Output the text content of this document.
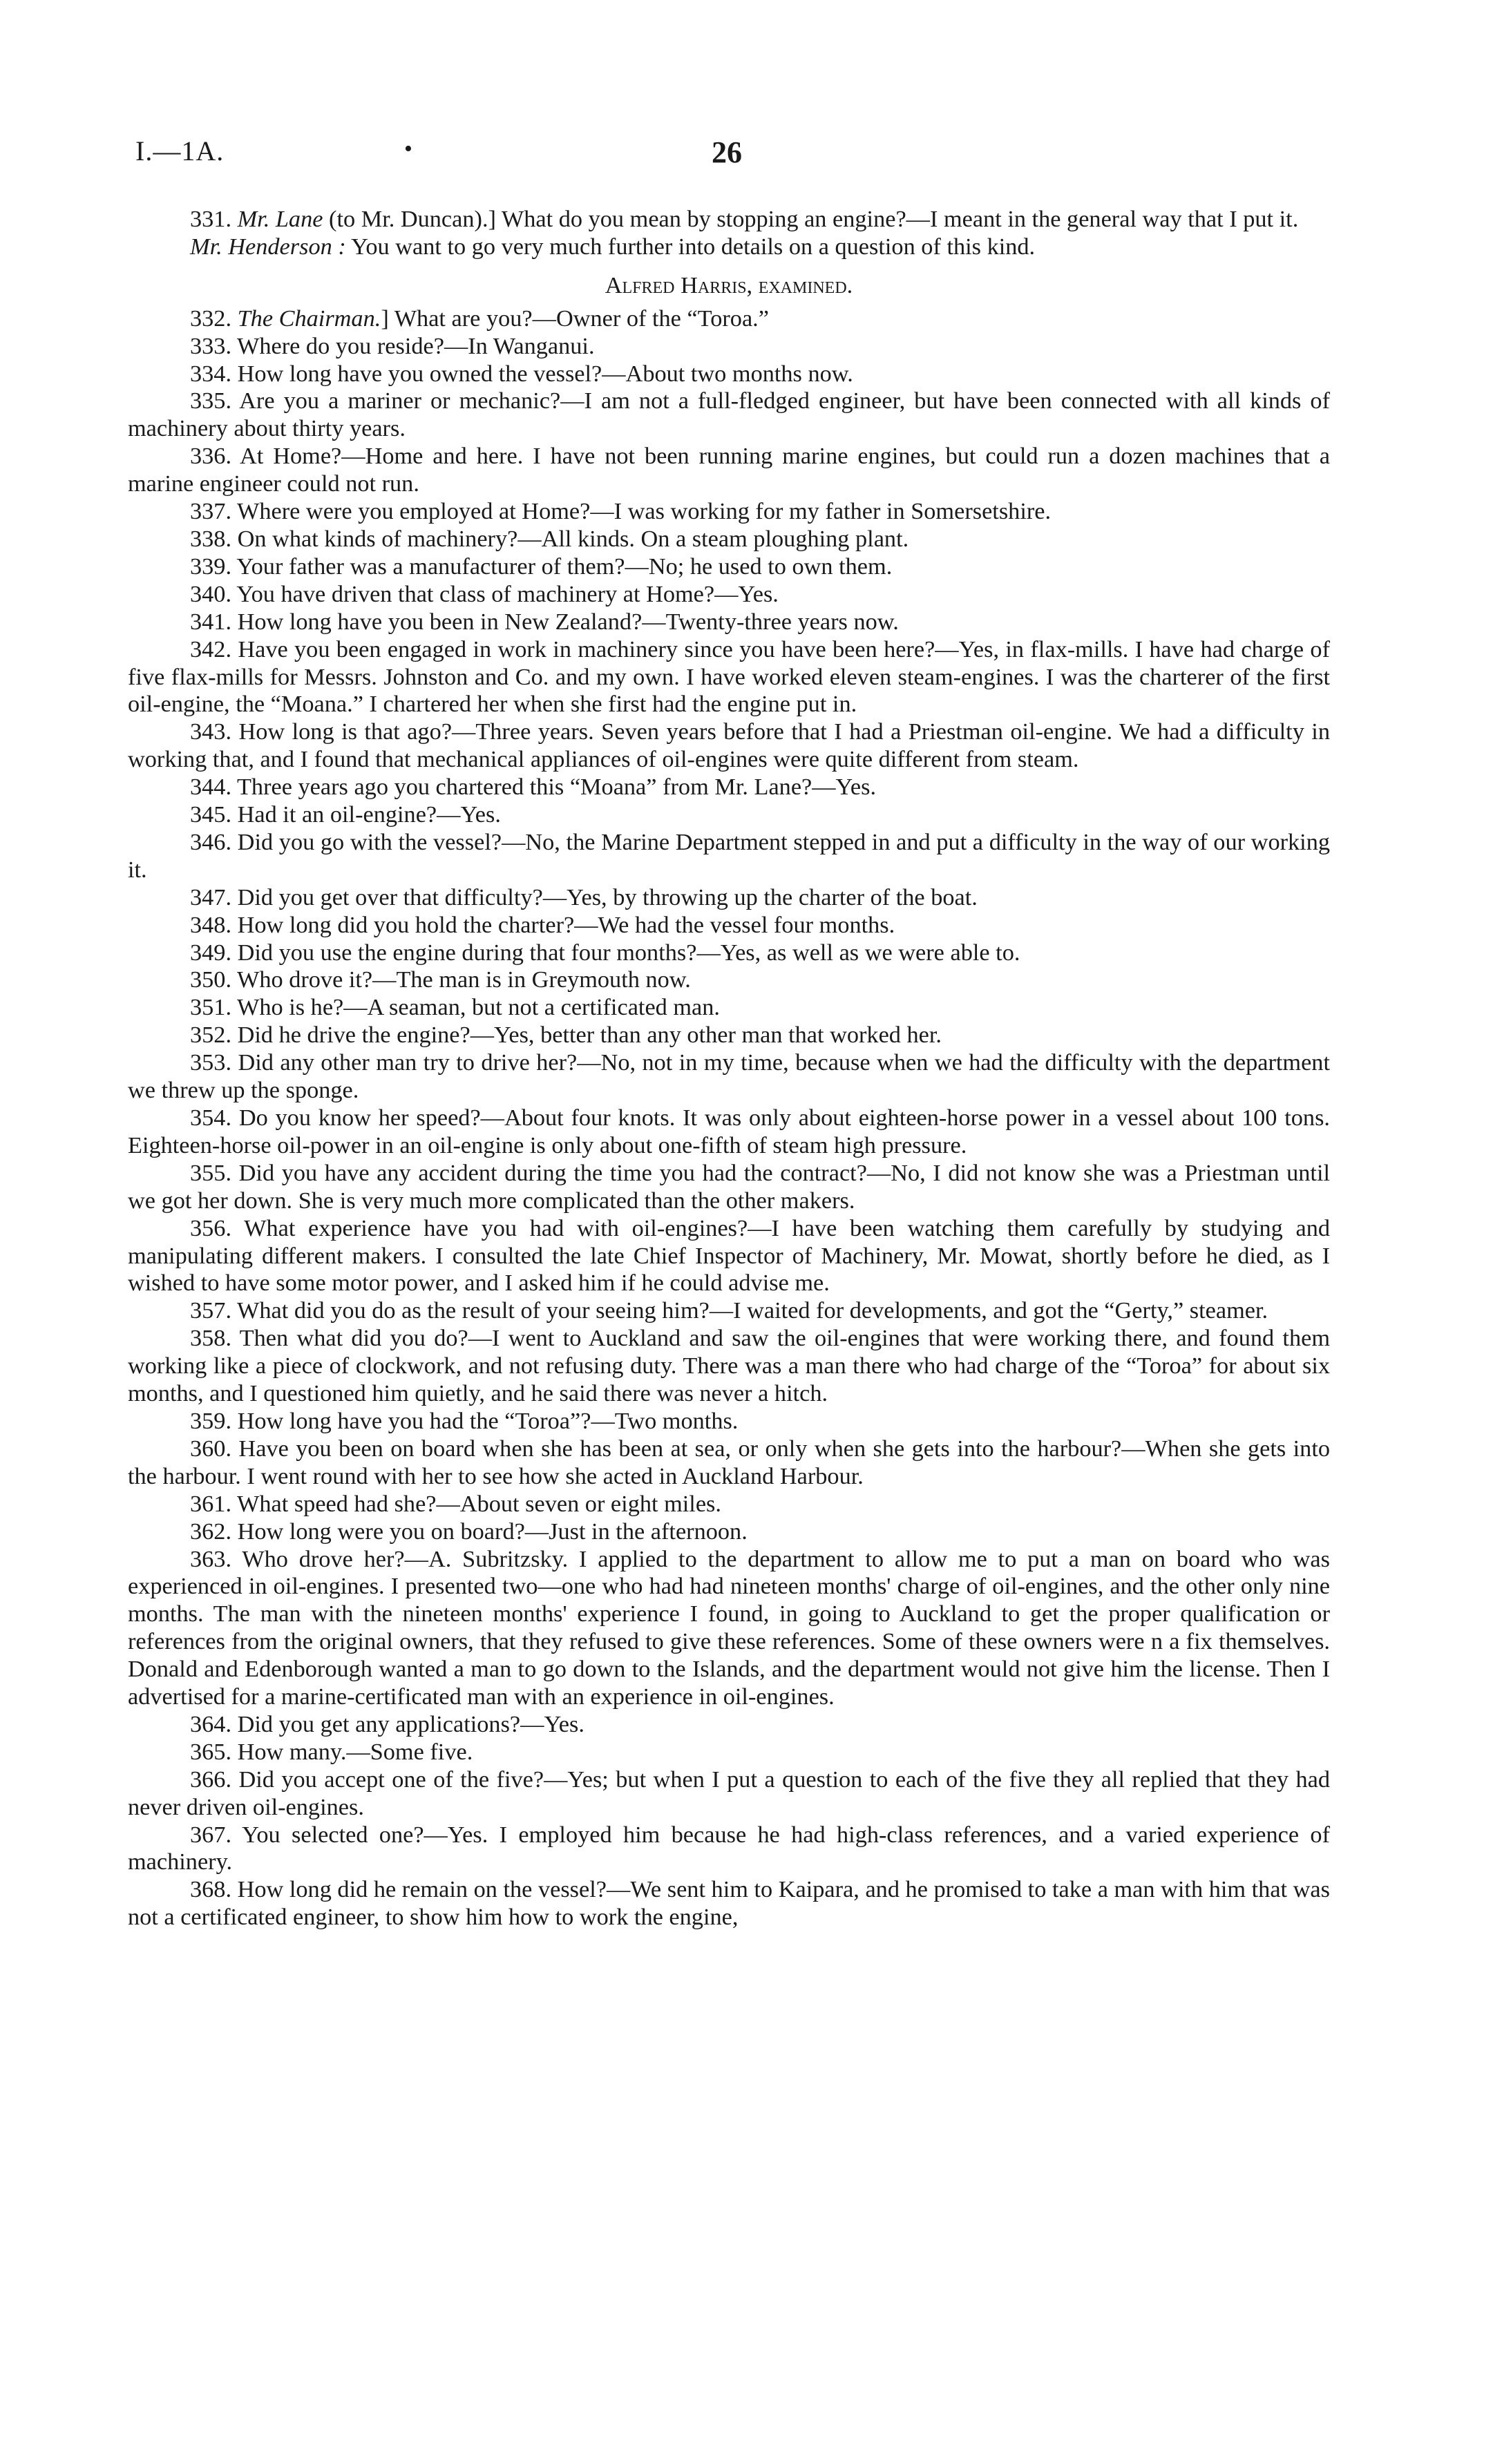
I.—1A.	•	26

331. Mr. Lane (to Mr. Duncan).] What do you mean by stopping an engine?—I meant in the general way that I put it.

Mr. Henderson : You want to go very much further into details on a question of this kind.

Alfred Harris, examined.

332. The Chairman.] What are you?—Owner of the “Toroa.”

333. Where do you reside?—In Wanganui.

334. How long have you owned the vessel?—About two months now.

335. Are you a mariner or mechanic?—I am not a full-fledged engineer, but have been connected with all kinds of machinery about thirty years.

336. At Home?—Home and here. I have not been running marine engines, but could run a dozen machines that a marine engineer could not run.

337. Where were you employed at Home?—I was working for my father in Somersetshire.

338. On what kinds of machinery?—All kinds. On a steam ploughing plant.

339. Your father was a manufacturer of them?—No; he used to own them.

340. You have driven that class of machinery at Home?—Yes.

341. How long have you been in New Zealand?—Twenty-three years now.

342. Have you been engaged in work in machinery since you have been here?—Yes, in flax-mills. I have had charge of five flax-mills for Messrs. Johnston and Co. and my own. I have worked eleven steam-engines. I was the charterer of the first oil-engine, the “Moana.” I chartered her when she first had the engine put in.

343. How long is that ago?—Three years. Seven years before that I had a Priestman oil-engine. We had a difficulty in working that, and I found that mechanical appliances of oil-engines were quite different from steam.

344. Three years ago you chartered this “Moana” from Mr. Lane?—Yes.

345. Had it an oil-engine?—Yes.

346. Did you go with the vessel?—No, the Marine Department stepped in and put a difficulty in the way of our working it.

347. Did you get over that difficulty?—Yes, by throwing up the charter of the boat.

348. How long did you hold the charter?—We had the vessel four months.

349. Did you use the engine during that four months?—Yes, as well as we were able to.

350. Who drove it?—The man is in Greymouth now.

351. Who is he?—A seaman, but not a certificated man.

352. Did he drive the engine?—Yes, better than any other man that worked her.

353. Did any other man try to drive her?—No, not in my time, because when we had the difficulty with the department we threw up the sponge.

354. Do you know her speed?—About four knots. It was only about eighteen-horse power in a vessel about 100 tons. Eighteen-horse oil-power in an oil-engine is only about one-fifth of steam high pressure.

355. Did you have any accident during the time you had the contract?—No, I did not know she was a Priestman until we got her down. She is very much more complicated than the other makers.

356. What experience have you had with oil-engines?—I have been watching them carefully by studying and manipulating different makers. I consulted the late Chief Inspector of Machinery, Mr. Mowat, shortly before he died, as I wished to have some motor power, and I asked him if he could advise me.

357. What did you do as the result of your seeing him?—I waited for developments, and got the “Gerty,” steamer.

358. Then what did you do?—I went to Auckland and saw the oil-engines that were working there, and found them working like a piece of clockwork, and not refusing duty. There was a man there who had charge of the “Toroa” for about six months, and I questioned him quietly, and he said there was never a hitch.

359. How long have you had the “Toroa”?—Two months.

360. Have you been on board when she has been at sea, or only when she gets into the harbour?—When she gets into the harbour. I went round with her to see how she acted in Auckland Harbour.

361. What speed had she?—About seven or eight miles.

362. How long were you on board?—Just in the afternoon.

363. Who drove her?—A. Subritzsky. I applied to the department to allow me to put a man on board who was experienced in oil-engines. I presented two—one who had had nineteen months' charge of oil-engines, and the other only nine months. The man with the nineteen months' experience I found, in going to Auckland to get the proper qualification or references from the original owners, that they refused to give these references. Some of these owners were n a fix themselves. Donald and Edenborough wanted a man to go down to the Islands, and the department would not give him the license. Then I advertised for a marine-certificated man with an experience in oil-engines.

364. Did you get any applications?—Yes.

365. How many.—Some five.

366. Did you accept one of the five?—Yes; but when I put a question to each of the five they all replied that they had never driven oil-engines.

367. You selected one?—Yes. I employed him because he had high-class references, and a varied experience of machinery.

368. How long did he remain on the vessel?—We sent him to Kaipara, and he promised to take a man with him that was not a certificated engineer, to show him how to work the engine,
